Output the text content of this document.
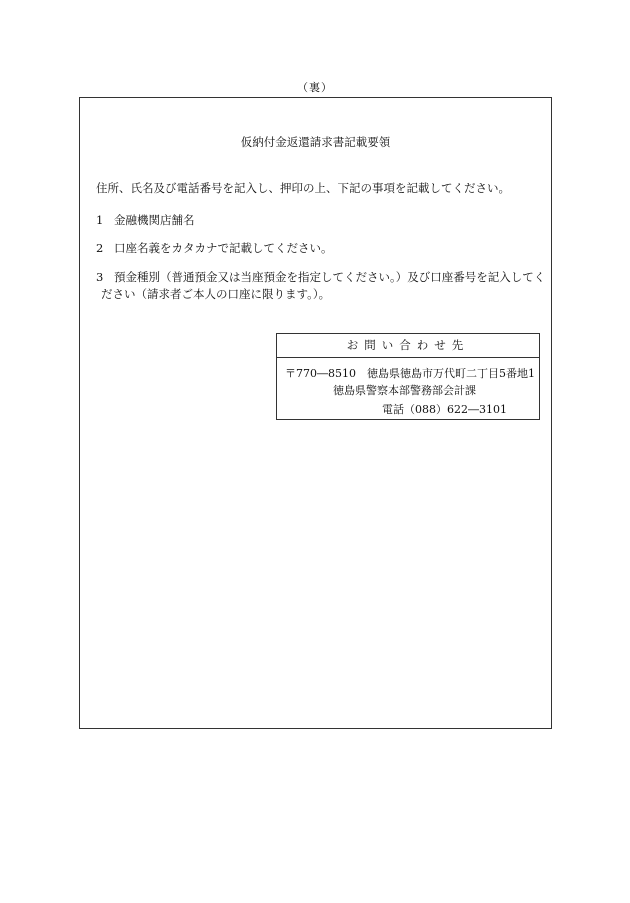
（裏）
仮納付金返還請求書記載要領
住所、氏名及び電話番号を記入し、押印の上、下記の事項を記載してください。
1 金融機関店舗名
2 口座名義をカタカナで記載してください。
3 預金種別（普通預金又は当座預金を指定してください。）及び口座番号を記入してく
ださい（請求者ご本人の口座に限ります。）。
お問い合わせ先
〒770―8510　徳島県徳島市万代町二丁目5番地1
徳島県警察本部警務部会計課
電話（088）622―3101
